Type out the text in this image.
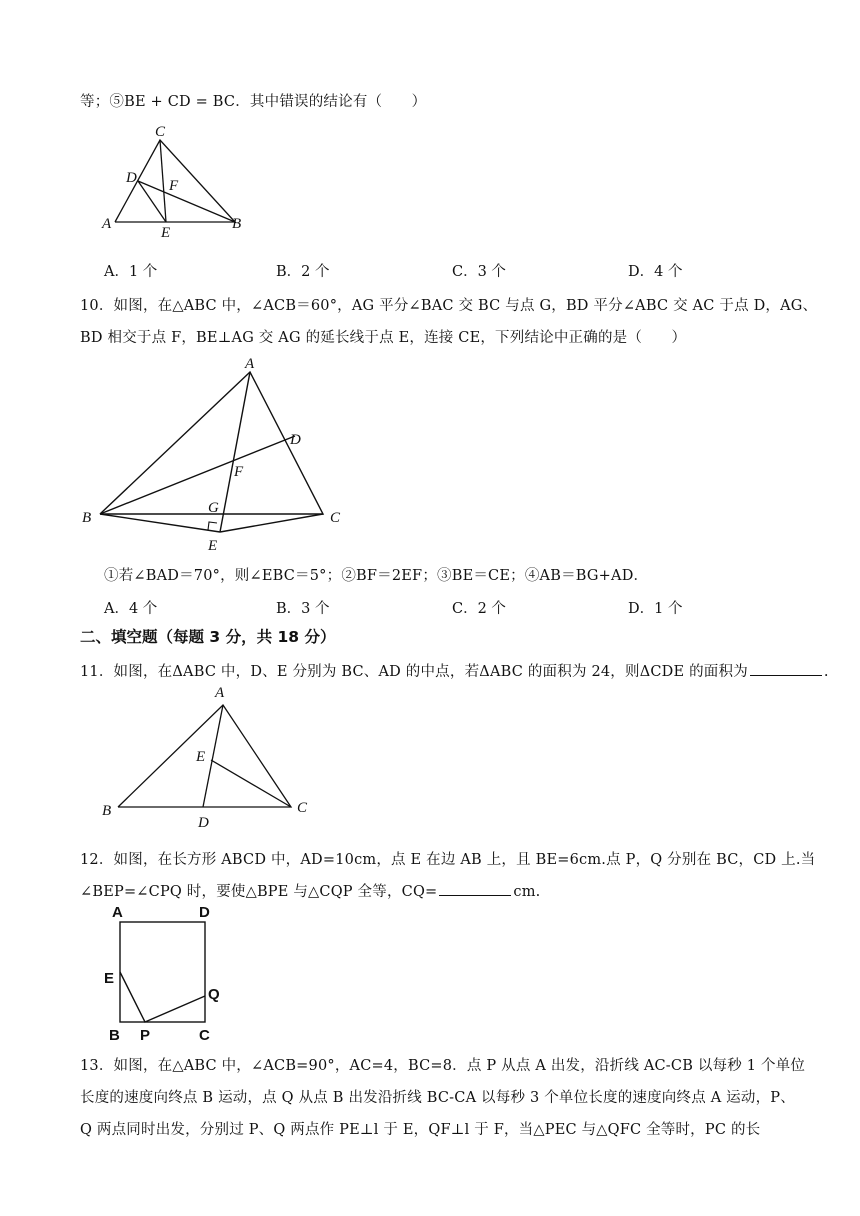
等；⑤BE + CD = BC．其中错误的结论有（　　）
C
D F
A
E
B
A．1 个	B．2 个	C．3 个	D．4 个
10．如图，在△ABC 中，∠ACB＝60°，AG 平分∠BAC 交 BC 与点 G，BD 平分∠ABC 交 AC 于点 D，AG、
BD 相交于点 F，BE⊥AG 交 AG 的延长线于点 E，连接 CE，下列结论中正确的是（　　）
A
D
F
B
G
C
E
①若∠BAD＝70°，则∠EBC＝5°；②BF＝2EF；③BE＝CE；④AB＝BG+AD．
A．4 个	B．3 个	C．2 个	D．1 个
二、填空题（每题 3 分，共 18 分）
11．如图，在ΔABC 中，D、E 分别为 BC、AD 的中点，若ΔABC 的面积为 24，则ΔCDE 的面积为	.
A
E
B
D
C
12．如图，在长方形 ABCD 中，AD=10cm，点 E 在边 AB 上，且 BE=6cm.点 P，Q 分别在 BC，CD 上.当
∠BEP=∠CPQ 时，要使△BPE 与△CQP 全等，CQ=	cm.
A	D
E
Q
B P	C
13．如图，在△ABC 中，∠ACB=90°，AC=4，BC=8．点 P 从点 A 出发，沿折线 AC-CB 以每秒 1 个单位
长度的速度向终点 B 运动，点 Q 从点 B 出发沿折线 BC-CA 以每秒 3 个单位长度的速度向终点 A 运动，P、
Q 两点同时出发，分别过 P、Q 两点作 PE⊥l 于 E，QF⊥l 于 F，当△PEC 与△QFC 全等时，PC 的长
